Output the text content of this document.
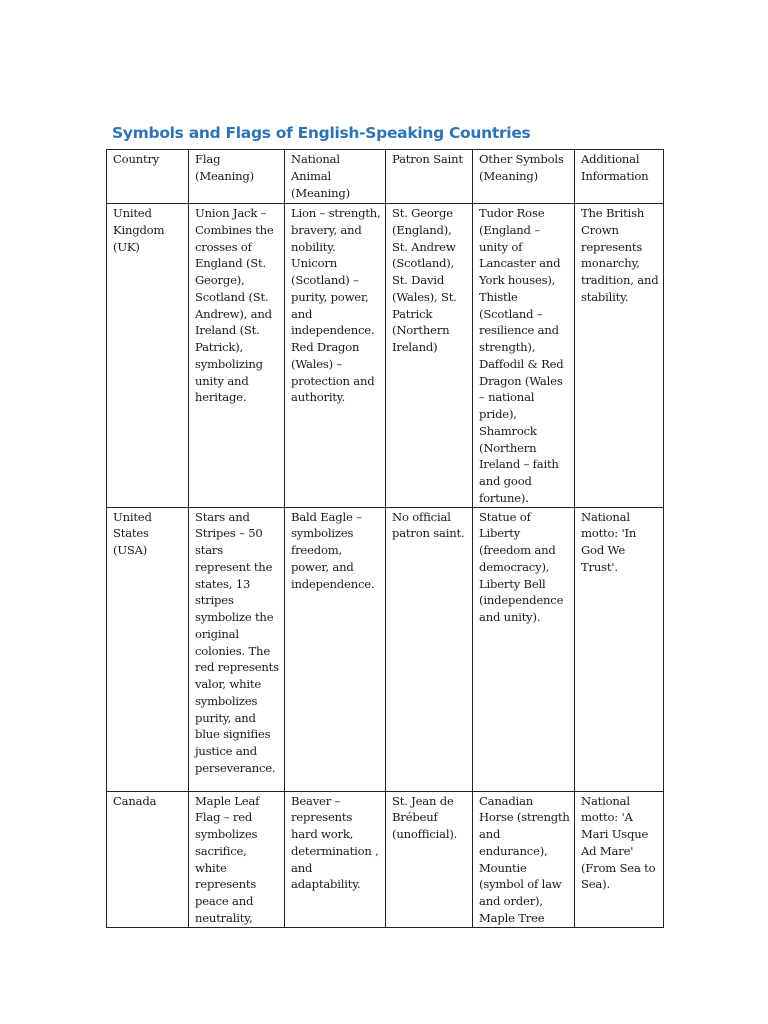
Symbols and Flags of English-Speaking Countries
Country	Flag (Meaning)	National Animal (Meaning)	Patron Saint	Other Symbols (Meaning)	Additional Information
United Kingdom (UK)	Union Jack – Combines the crosses of England (St. George), Scotland (St. Andrew), and Ireland (St. Patrick), symbolizing unity and heritage.	Lion – strength, bravery, and nobility. Unicorn (Scotland) – purity, power, and independence. Red Dragon (Wales) – protection and authority.	St. George (England), St. Andrew (Scotland), St. David (Wales), St. Patrick (Northern Ireland)	Tudor Rose (England – unity of Lancaster and York houses), Thistle (Scotland – resilience and strength), Daffodil & Red Dragon (Wales – national pride), Shamrock (Northern Ireland – faith and good fortune).	The British Crown represents monarchy, tradition, and stability.
United States (USA)	Stars and Stripes – 50 stars represent the states, 13 stripes symbolize the original colonies. The red represents valor, white symbolizes purity, and blue signifies justice and perseverance.	Bald Eagle – symbolizes freedom, power, and independence.	No official patron saint.	Statue of Liberty (freedom and democracy), Liberty Bell (independence and unity).	National motto: 'In God We Trust'.
Canada	Maple Leaf Flag – red symbolizes sacrifice, white represents peace and neutrality,	Beaver – represents hard work, determination , and adaptability.	St. Jean de Brébeuf (unofficial).	Canadian Horse (strength and endurance), Mountie (symbol of law and order), Maple Tree	National motto: 'A Mari Usque Ad Mare' (From Sea to Sea).
